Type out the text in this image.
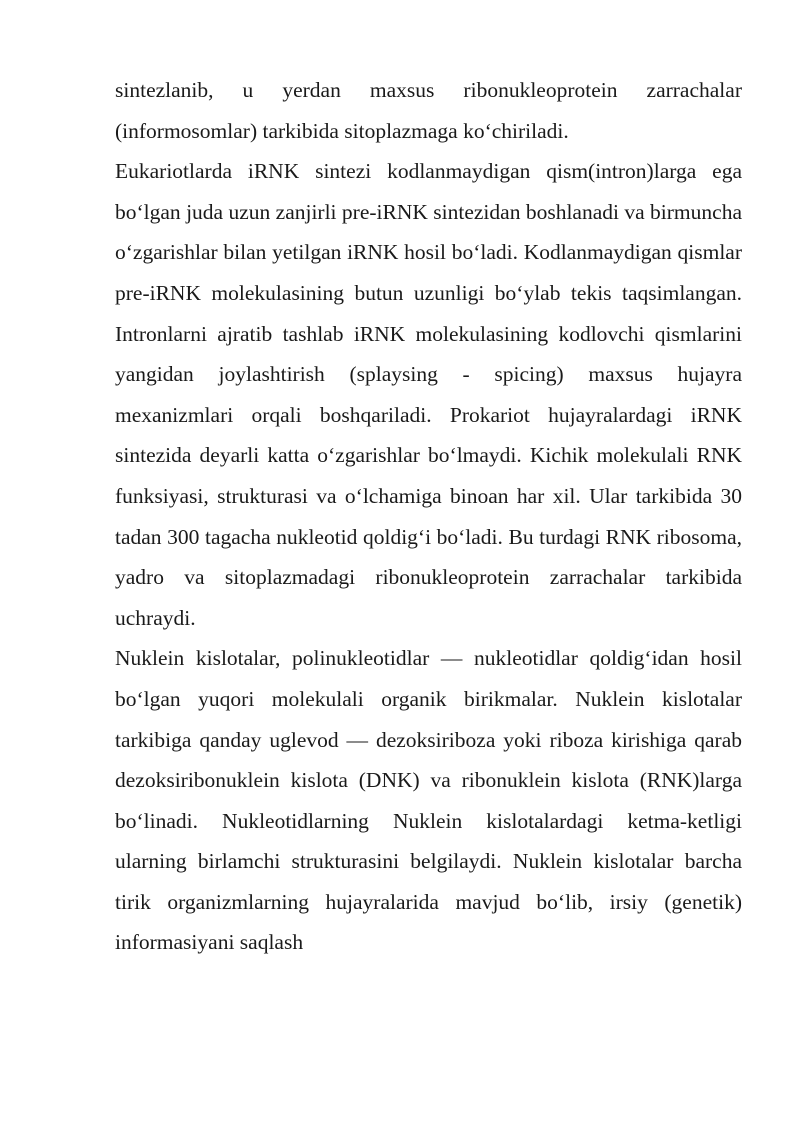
sintezlanib, u yerdan maxsus ribonukleoprotein zarrachalar (informosomlar) tarkibida sitoplazmaga ko‘chiriladi.

Eukariotlarda iRNK sintezi kodlanmaydigan qism(intron)larga ega bo‘lgan juda uzun zanjirli pre-iRNK sintezidan boshlanadi va birmuncha o‘zgarishlar bilan yetilgan iRNK hosil bo‘ladi. Kodlanmaydigan qismlar pre-iRNK molekulasining butun uzunligi bo‘ylab tekis taqsimlangan. Intronlarni ajratib tashlab iRNK molekulasining kodlovchi qismlarini yangidan joylashtirish (splaysing - spicing) maxsus hujayra mexanizmlari orqali boshqariladi. Prokariot hujayralardagi iRNK sintezida deyarli katta o‘zgarishlar bo‘lmaydi. Kichik molekulali RNK funksiyasi, strukturasi va o‘lchamiga binoan har xil. Ular tarkibida 30 tadan 300 tagacha nukleotid qoldig‘i bo‘ladi. Bu turdagi RNK ribosoma, yadro va sitoplazmadagi ribonukleoprotein zarrachalar tarkibida uchraydi.

Nuklein kislotalar, polinukleotidlar — nukleotidlar qoldig‘idan hosil bo‘lgan yuqori molekulali organik birikmalar. Nuklein kislotalar tarkibiga qanday uglevod — dezoksiriboza yoki riboza kirishiga qarab dezoksiribonuklein kislota (DNK) va ribonuklein kislota (RNK)larga bo‘linadi. Nukleotidlarning Nuklein kislotalardagi ketma-ketligi ularning birlamchi strukturasini belgilaydi. Nuklein kislotalar barcha tirik organizmlarning hujayralarida mavjud bo‘lib, irsiy (genetik) informasiyani saqlash
